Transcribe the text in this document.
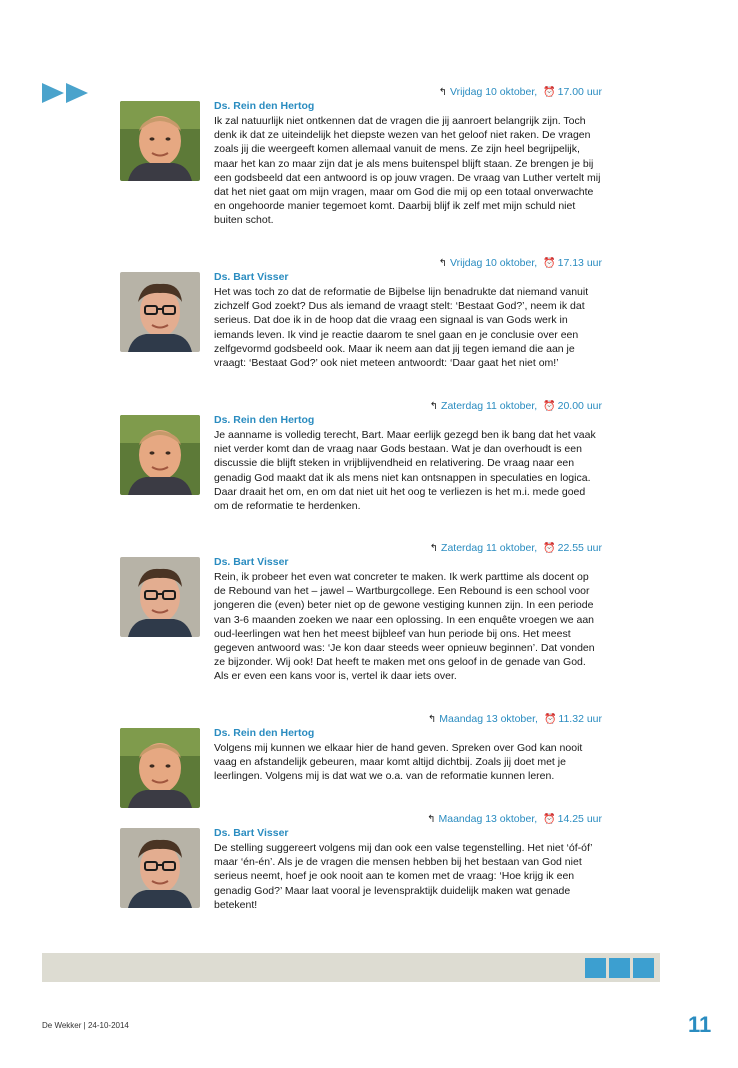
↰ Vrijdag 10 oktober, ⏰ 17.00 uur
Ds. Rein den Hertog
Ik zal natuurlijk niet ontkennen dat de vragen die jij aanroert belangrijk zijn. Toch denk ik dat ze uiteindelijk het diepste wezen van het geloof niet raken. De vragen zoals jij die weergeeft komen allemaal vanuit de mens. Ze zijn heel begrijpelijk, maar het kan zo maar zijn dat je als mens buitenspel blijft staan. Ze brengen je bij een godsbeeld dat een antwoord is op jouw vragen. De vraag van Luther vertelt mij dat het niet gaat om mijn vragen, maar om God die mij op een totaal onverwachte en ongehoorde manier tegemoet komt. Daarbij blijf ik zelf met mijn schuld niet buiten schot.
↰ Vrijdag 10 oktober, ⏰ 17.13 uur
Ds. Bart Visser
Het was toch zo dat de reformatie de Bijbelse lijn benadrukte dat niemand vanuit zichzelf God zoekt? Dus als iemand de vraagt stelt: ‘Bestaat God?’, neem ik dat serieus. Dat doe ik in de hoop dat die vraag een signaal is van Gods werk in iemands leven. Ik vind je reactie daarom te snel gaan en je conclusie over een zelfgevormd godsbeeld ook. Maar ik neem aan dat jij tegen iemand die aan je vraagt: ‘Bestaat God?’ ook niet meteen antwoordt: ‘Daar gaat het niet om!’
↰ Zaterdag 11 oktober, ⏰ 20.00 uur
Ds. Rein den Hertog
Je aanname is volledig terecht, Bart. Maar eerlijk gezegd ben ik bang dat het vaak niet verder komt dan de vraag naar Gods bestaan. Wat je dan overhoudt is een discussie die blijft steken in vrijblijvendheid en relativering. De vraag naar een genadig God maakt dat ik als mens niet kan ontsnappen in speculaties en logica. Daar draait het om, en om dat niet uit het oog te verliezen is het m.i. mede goed om de reformatie te herdenken.
↰ Zaterdag 11 oktober, ⏰ 22.55 uur
Ds. Bart Visser
Rein, ik probeer het even wat concreter te maken. Ik werk parttime als docent op de Rebound van het – jawel – Wartburgcollege. Een Rebound is een school voor jongeren die (even) beter niet op de gewone vestiging kunnen zijn. In een periode van 3-6 maanden zoeken we naar een oplossing. In een enquête vroegen we aan oud-leerlingen wat hen het meest bijbleef van hun periode bij ons. Het meest gegeven antwoord was: ‘Je kon daar steeds weer opnieuw beginnen’. Dat vonden ze bijzonder. Wij ook! Dat heeft te maken met ons geloof in de genade van God. Als er even een kans voor is, vertel ik daar iets over.
↰ Maandag 13 oktober, ⏰ 11.32 uur
Ds. Rein den Hertog
Volgens mij kunnen we elkaar hier de hand geven. Spreken over God kan nooit vaag en afstandelijk gebeuren, maar komt altijd dichtbij. Zoals jij doet met je leerlingen. Volgens mij is dat wat we o.a. van de reformatie kunnen leren.
↰ Maandag 13 oktober, ⏰ 14.25 uur
Ds. Bart Visser
De stelling suggereert volgens mij dan ook een valse tegenstelling. Het niet ‘óf-óf’ maar ‘én-én’. Als je de vragen die mensen hebben bij het bestaan van God niet serieus neemt, hoef je ook nooit aan te komen met de vraag: ‘Hoe krijg ik een genadig God?’ Maar laat vooral je levenspraktijk duidelijk maken wat genade betekent!
De Wekker | 24-10-2014	11
